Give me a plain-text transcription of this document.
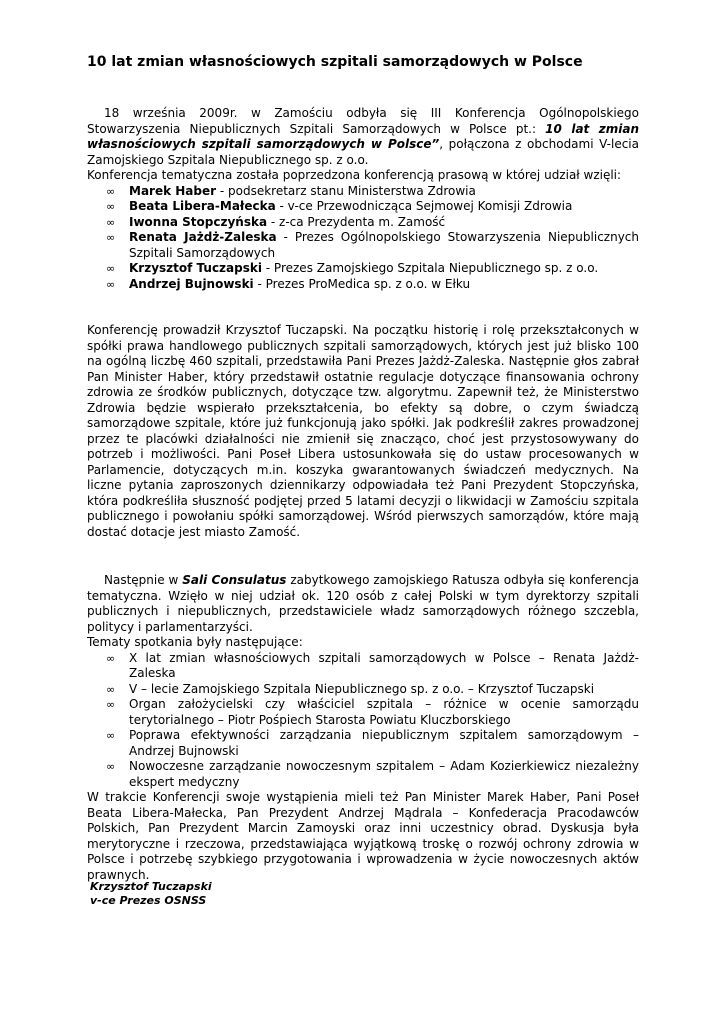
10 lat zmian własnościowych szpitali samorządowych w Polsce

18 września 2009r. w Zamościu odbyła się III Konferencja Ogólnopolskiego Stowarzyszenia Niepublicznych Szpitali Samorządowych w Polsce pt.: 10 lat zmian własnościowych szpitali samorządowych w Polsce”, połączona z obchodami V-lecia Zamojskiego Szpitala Niepublicznego sp. z o.o.

Konferencja tematyczna została poprzedzona konferencją prasową w której udział wzięli:

∞ Marek Haber - podsekretarz stanu Ministerstwa Zdrowia
∞ Beata Libera-Małecka - v-ce Przewodnicząca Sejmowej Komisji Zdrowia
∞ Iwonna Stopczyńska - z-ca Prezydenta m. Zamość
∞ Renata Jażdż-Zaleska - Prezes Ogólnopolskiego Stowarzyszenia Niepublicznych Szpitali Samorządowych
∞ Krzysztof Tuczapski - Prezes Zamojskiego Szpitala Niepublicznego sp. z o.o.
∞ Andrzej Bujnowski - Prezes ProMedica sp. z o.o. w Ełku

Konferencję prowadził Krzysztof Tuczapski. Na początku historię i rolę przekształconych w spółki prawa handlowego publicznych szpitali samorządowych, których jest już blisko 100 na ogólną liczbę 460 szpitali, przedstawiła Pani Prezes Jażdż-Zaleska. Następnie głos zabrał Pan Minister Haber, który przedstawił ostatnie regulacje dotyczące finansowania ochrony zdrowia ze środków publicznych, dotyczące tzw. algorytmu. Zapewnił też, że Ministerstwo Zdrowia będzie wspierało przekształcenia, bo efekty są dobre, o czym świadczą samorządowe szpitale, które już funkcjonują jako spółki. Jak podkreślił zakres prowadzonej przez te placówki działalności nie zmienił się znacząco, choć jest przystosowywany do potrzeb i możliwości. Pani Poseł Libera ustosunkowała się do ustaw procesowanych w Parlamencie, dotyczących m.in. koszyka gwarantowanych świadczeń medycznych. Na liczne pytania zaproszonych dziennikarzy odpowiadała też Pani Prezydent Stopczyńska, która podkreśliła słuszność podjętej przed 5 latami decyzji o likwidacji w Zamościu szpitala publicznego i powołaniu spółki samorządowej. Wśród pierwszych samorządów, które mają dostać dotacje jest miasto Zamość.

Następnie w Sali Consulatus zabytkowego zamojskiego Ratusza odbyła się konferencja tematyczna. Wzięło w niej udział ok. 120 osób z całej Polski w tym dyrektorzy szpitali publicznych i niepublicznych, przedstawiciele władz samorządowych różnego szczebla, politycy i parlamentarzyści.

Tematy spotkania były następujące:

∞ X lat zmian własnościowych szpitali samorządowych w Polsce – Renata Jażdż-Zaleska
∞ V – lecie Zamojskiego Szpitala Niepublicznego sp. z o.o. – Krzysztof Tuczapski
∞ Organ założycielski czy właściciel szpitala – różnice w ocenie samorządu terytorialnego – Piotr Pośpiech Starosta Powiatu Kluczborskiego
∞ Poprawa efektywności zarządzania niepublicznym szpitalem samorządowym – Andrzej Bujnowski
∞ Nowoczesne zarządzanie nowoczesnym szpitalem – Adam Kozierkiewicz niezależny ekspert medyczny

W trakcie Konferencji swoje wystąpienia mieli też Pan Minister Marek Haber, Pani Poseł Beata Libera-Małecka, Pan Prezydent Andrzej Mądrala – Konfederacja Pracodawców Polskich, Pan Prezydent Marcin Zamoyski oraz inni uczestnicy obrad. Dyskusja była merytoryczne i rzeczowa, przedstawiająca wyjątkową troskę o rozwój ochrony zdrowia w Polsce i potrzebę szybkiego przygotowania i wprowadzenia w życie nowoczesnych aktów prawnych.

Krzysztof Tuczapski
v-ce Prezes OSNSS
